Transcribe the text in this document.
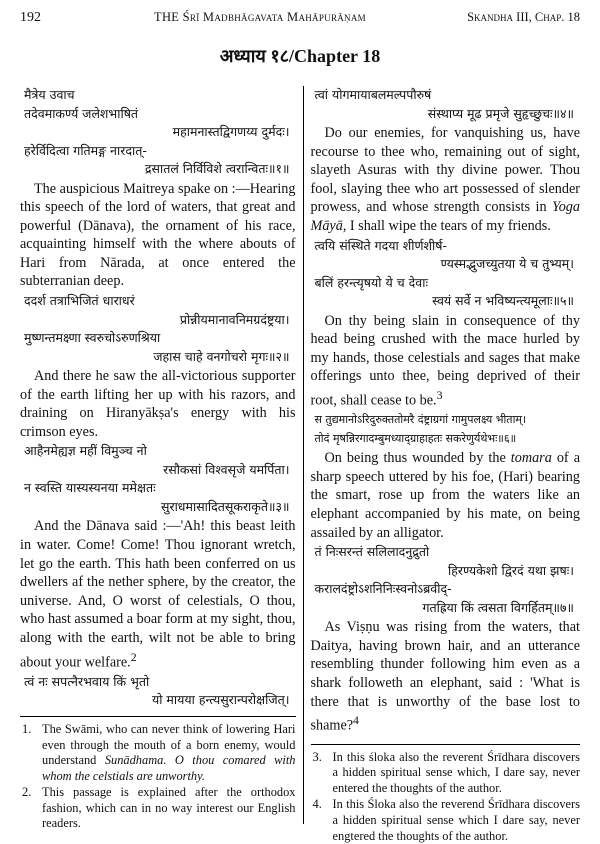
192	THE Śrī Madbhāgavata Mahāpurāṇam	Skandha III, Chap. 18
अध्याय १८/Chapter 18
मैत्रेय उवाच
तदेवमाकर्ण्य जलेशभाषितं
महामनास्तद्विगणय्य दुर्मदः।
हरेर्विदित्वा गतिमङ्ग नारदात्-
द्रसातलं निर्विविशे त्वरान्वितः॥१॥
The auspicious Maitreya spake on :—Hearing this speech of the lord of waters, that great and powerful (Dānava), the ornament of his race, acquainting himself with the where abouts of Hari from Nārada, at once entered the subterranian deep.
ददर्श तत्राभिजितं धाराधरं
प्रोन्नीयमानावनिमग्रदंष्ट्रया।
मुष्णन्तमक्ष्णा स्वरुचोऽरुणश्रिया
जहास चाहे वनगोचरो मृगः॥२॥
And there he saw the all-victorious supporter of the earth lifting her up with his razors, and draining on Hiranyākṣa's energy with his crimson eyes.
आहैनमेह्यज्ञ महीं विमुञ्च नो
रसौकसां विश्वसृजे यमर्पिता।
न स्वस्ति यास्यस्यनया ममेक्षतः
सुराधमासादितसूकराकृते॥३॥
And the Dānava said :—'Ah! this beast leith in water. Come! Come! Thou ignorant wretch, let go the earth. This hath been conferred on us dwellers af the nether sphere, by the creator, the universe. And, O worst of celestials, O thou, who hast assumed a boar form at my sight, thou, along with the earth, wilt not be able to bring about your welfare.$^2$
त्वं नः सपत्नैरभवाय किं भृतो
यो मायया हन्त्यसुरान्परोक्षजित्।
1. The Swāmi, who can never think of lowering Hari even through the mouth of a born enemy, would understand Sunādhama. O thou comared with whom the celstials are unworthy.
2. This passage is explained after the orthodox fashion, which can in no way interest our English readers.
त्वां योगमायाबलमल्पपौरुषं
संस्थाप्य मूढ प्रमृजे सुहृच्छुचः॥४॥
Do our enemies, for vanquishing us, have recourse to thee who, remaining out of sight, slayeth Asuras with thy divine power. Thou fool, slaying thee who art possessed of slender prowess, and whose strength consists in Yoga Māyā, I shall wipe the tears of my friends.
त्वयि संस्थिते गदया शीर्णशीर्ष-
ण्यस्मद्भुजच्युतया ये च तुभ्यम्।
बलिं हरन्त्यृषयो ये च देवाः
स्वयं सर्वे न भविष्यन्त्यमूलाः॥५॥
On thy being slain in consequence of thy head being crushed with the mace hurled by my hands, those celestials and sages that make offerings unto thee, being deprived of their root, shall cease to be.$^3$
स तुद्यमानोऽरिदुरुक्ततोमरै दंष्ट्राग्रगां गामुपलक्ष्य भीताम्।
तोदं मृषन्निरगादम्बुमध्याद्ग्राहाहतः सकरेणुर्यथेभः॥६॥
On being thus wounded by the tomara of a sharp speech uttered by his foe, (Hari) bearing the smart, rose up from the waters like an elephant accompanied by his mate, on being assailed by an alligator.
तं निःसरन्तं सलिलादनुद्रुतो
हिरण्यकेशो द्विरदं यथा झषः।
करालदंष्ट्रोऽशनिनिःस्वनोऽब्रवीद्-
गतह्रिया किं त्वसता विगर्हितम्॥७॥
As Viṣṇu was rising from the waters, that Daitya, having brown hair, and an utterance resembling thunder following him even as a shark followeth an elephant, said : 'What is there that is unworthy of the base lost to shame?$^4$
3. In this śloka also the reverent Śrīdhara discovers a hidden spiritual sense which, I dare say, never entered the thoughts of the author.
4. In this Śloka also the reverend Śrīdhara discovers a hidden spiritual sense which I dare say, never engtered the thoughts of the author.
